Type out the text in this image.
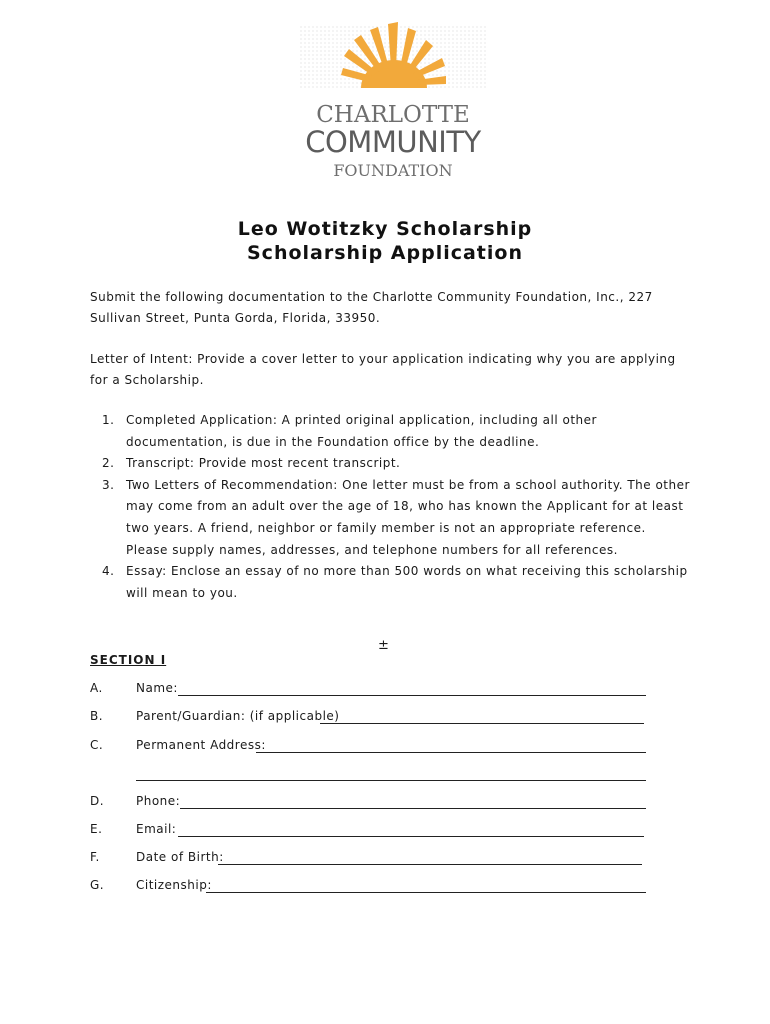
CHARLOTTE
COMMUNITY
FOUNDATION
Leo Wotitzky Scholarship
Scholarship Application
Submit the following documentation to the Charlotte Community Foundation, Inc., 227 Sullivan Street, Punta Gorda, Florida, 33950.
Letter of Intent: Provide a cover letter to your application indicating why you are applying for a Scholarship.
1. Completed Application: A printed original application, including all other documentation, is due in the Foundation office by the deadline.
2. Transcript: Provide most recent transcript.
3. Two Letters of Recommendation: One letter must be from a school authority. The other may come from an adult over the age of 18, who has known the Applicant for at least two years. A friend, neighbor or family member is not an appropriate reference. Please supply names, addresses, and telephone numbers for all references.
4. Essay: Enclose an essay of no more than 500 words on what receiving this scholarship will mean to you.
±
SECTION I
A.	Name:
B.	Parent/Guardian: (if applicable)
C.	Permanent Address:
D.	Phone:
E.	Email:
F.	Date of Birth:
G.	Citizenship:
